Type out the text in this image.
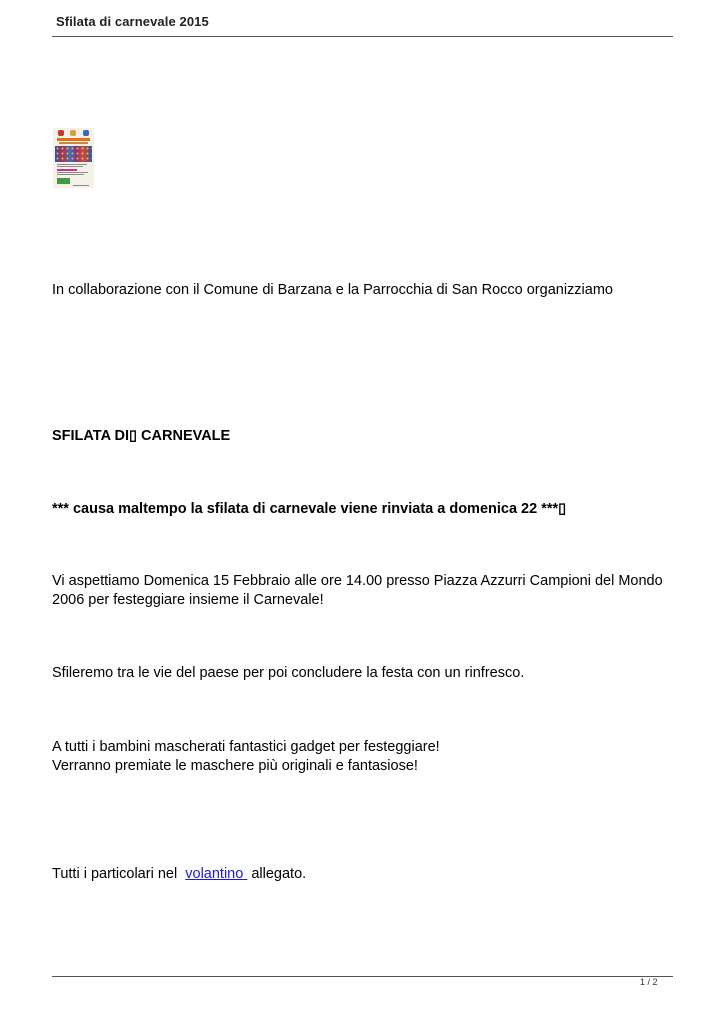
Sfilata di carnevale 2015
In collaborazione con il Comune di Barzana e la Parrocchia di San Rocco organizziamo
SFILATA DI▯ CARNEVALE
*** causa maltempo la sfilata di carnevale viene rinviata a domenica 22 ***▯
Vi aspettiamo Domenica 15 Febbraio alle ore 14.00 presso Piazza Azzurri Campioni del Mondo
2006 per festeggiare insieme il Carnevale!
Sfileremo tra le vie del paese per poi concludere la festa con un rinfresco.
A tutti i bambini mascherati fantastici gadget per festeggiare!
Verranno premiate le maschere più originali e fantasiose!
Tutti i particolari nel volantino allegato.
1 / 2
